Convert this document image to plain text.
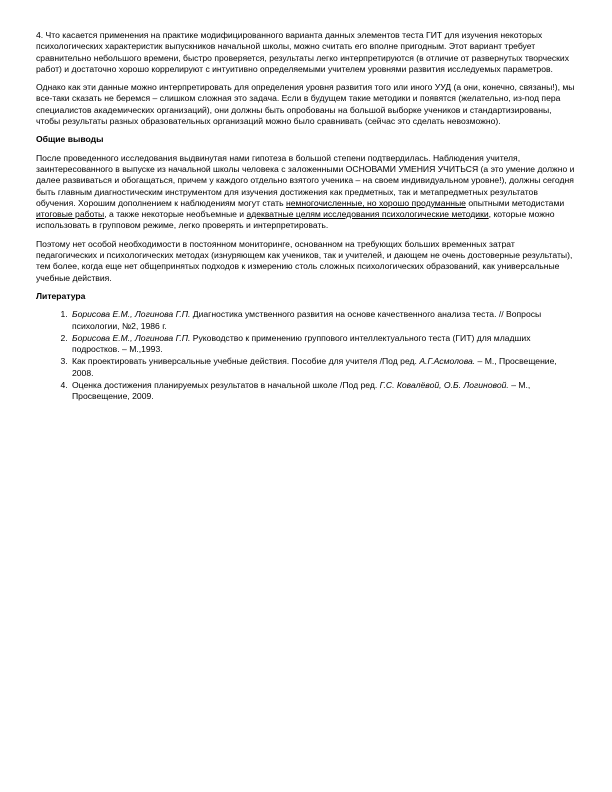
4. Что касается применения на практике модифицированного варианта данных элементов теста ГИТ для изучения некоторых психологических характеристик выпускников начальной школы, можно считать его вполне пригодным. Этот вариант требует сравнительно небольшого времени, быстро проверяется, результаты легко интерпретируются (в отличие от развернутых творческих работ) и достаточно хорошо коррелируют с интуитивно определяемыми учителем уровнями развития исследуемых параметров.

Однако как эти данные можно интерпретировать для определения уровня развития того или иного УУД (а они, конечно, связаны!), мы все-таки сказать не беремся – слишком сложная это задача. Если в будущем такие методики и появятся (желательно, из-под пера специалистов академических организаций), они должны быть опробованы на большой выборке учеников и стандартизированы, чтобы результаты разных образовательных организаций можно было сравнивать (сейчас это сделать невозможно).

Общие выводы

После проведенного исследования выдвинутая нами гипотеза в большой степени подтвердилась. Наблюдения учителя, заинтересованного в выпуске из начальной школы человека с заложенными ОСНОВАМИ УМЕНИЯ УЧИТЬСЯ (а это умение должно и далее развиваться и обогащаться, причем у каждого отдельно взятого ученика – на своем индивидуальном уровне!), должны сегодня быть главным диагностическим инструментом для изучения достижения как предметных, так и метапредметных результатов обучения. Хорошим дополнением к наблюдениям могут стать немногочисленные, но хорошо продуманные опытными методистами итоговые работы, а также некоторые необъемные и адекватные целям исследования психологические методики, которые можно использовать в групповом режиме, легко проверять и интерпретировать.

Поэтому нет особой необходимости в постоянном мониторинге, основанном на требующих больших временных затрат педагогических и психологических методах (изнуряющем как учеников, так и учителей, и дающем не очень достоверные результаты), тем более, когда еще нет общепринятых подходов к измерению столь сложных психологических образований, как универсальные учебные действия.

Литература
1. Борисова Е.М., Логинова Г.П. Диагностика умственного развития на основе качественного анализа теста. // Вопросы психологии, №2, 1986 г.
2. Борисова Е.М., Логинова Г.П. Руководство к применению группового интеллектуального теста (ГИТ) для младших подростков. – М.,1993.
3. Как проектировать универсальные учебные действия. Пособие для учителя /Под ред. А.Г.Асмолова. – М., Просвещение, 2008.
4. Оценка достижения планируемых результатов в начальной школе /Под ред. Г.С. Ковалёвой, О.Б. Логиновой. – М., Просвещение, 2009.
